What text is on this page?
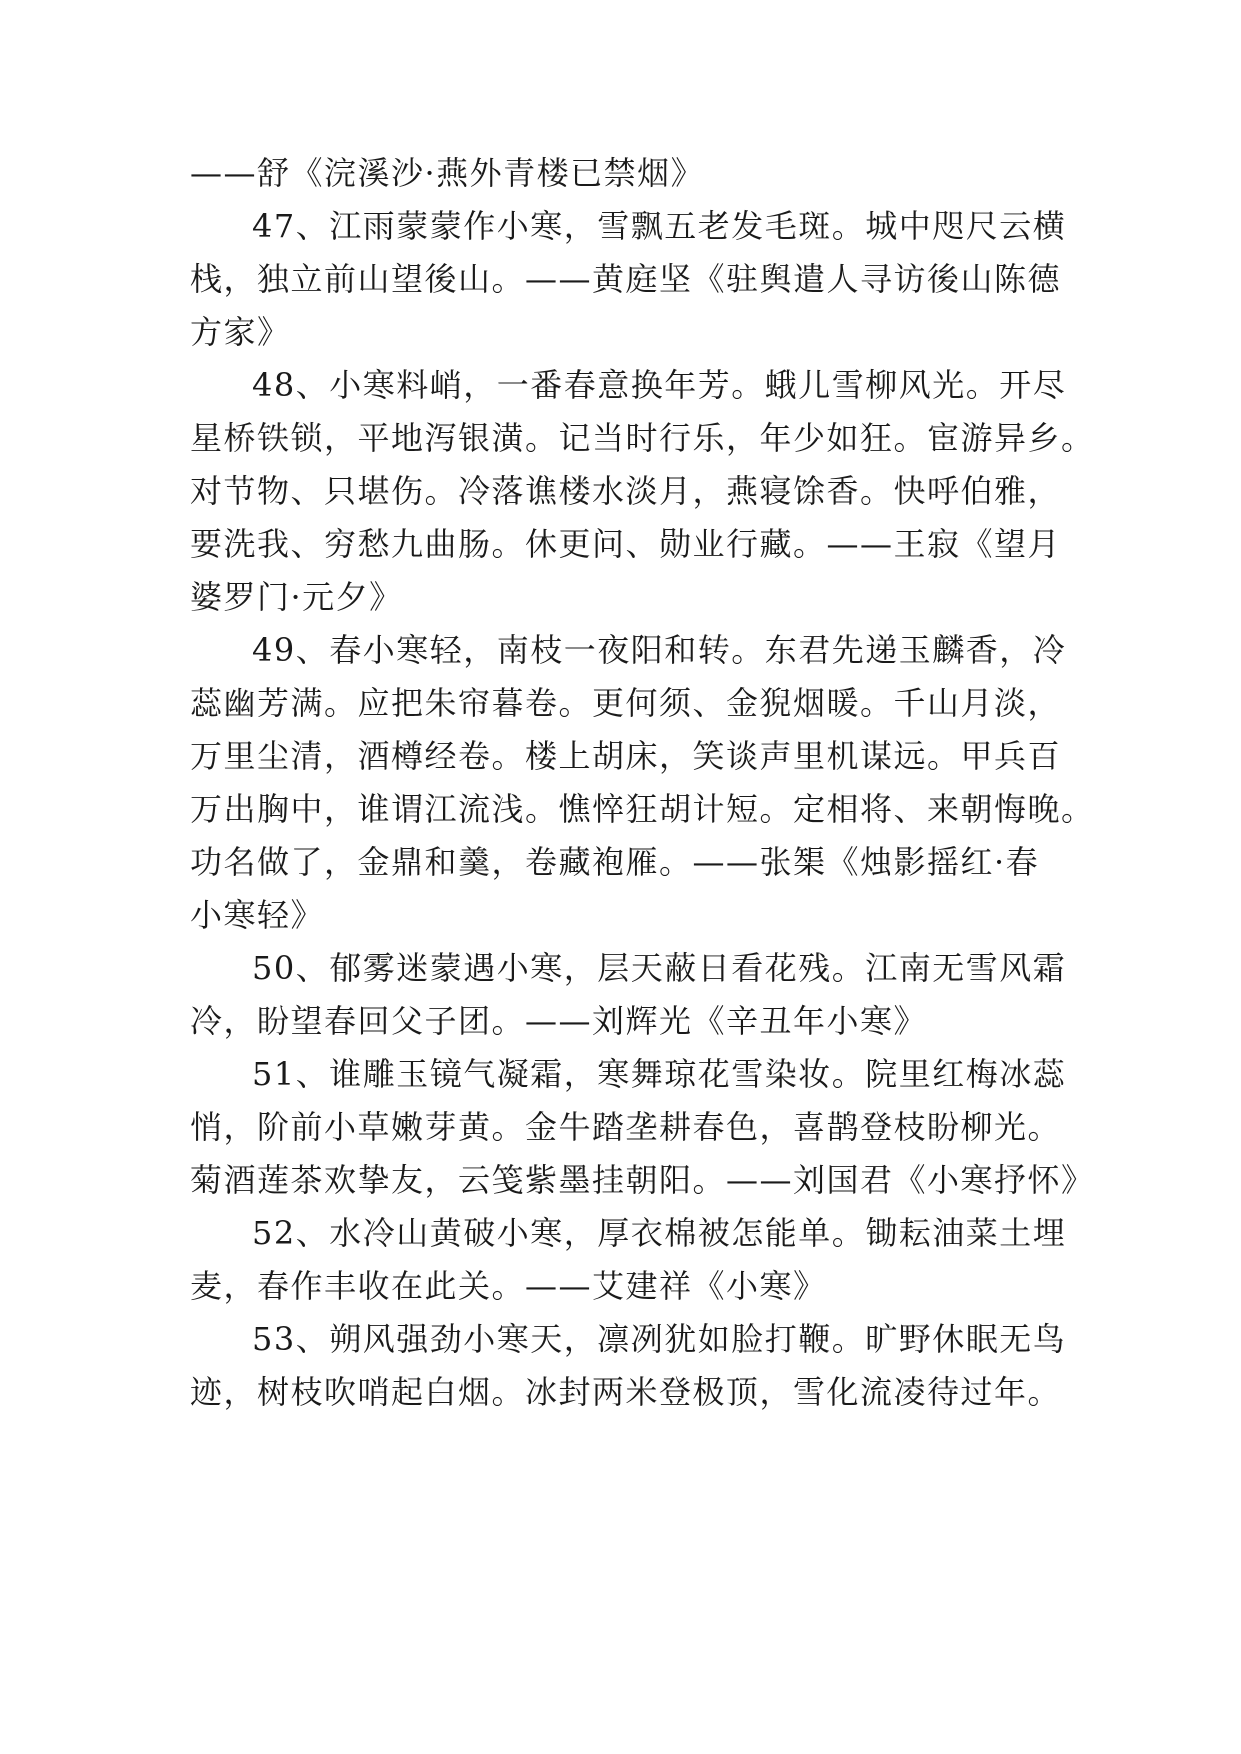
——舒《浣溪沙·燕外青楼已禁烟》
47、江雨蒙蒙作小寒，雪飘五老发毛斑。城中咫尺云横
栈，独立前山望後山。——黄庭坚《驻舆遣人寻访後山陈德
方家》
48、小寒料峭，一番春意换年芳。蛾儿雪柳风光。开尽
星桥铁锁，平地泻银潢。记当时行乐，年少如狂。宦游异乡。
对节物、只堪伤。冷落谯楼水淡月，燕寝馀香。快呼伯雅，
要洗我、穷愁九曲肠。休更问、勋业行藏。——王寂《望月
婆罗门·元夕》
49、春小寒轻，南枝一夜阳和转。东君先递玉麟香，冷
蕊幽芳满。应把朱帘暮卷。更何须、金猊烟暖。千山月淡，
万里尘清，酒樽经卷。楼上胡床，笑谈声里机谋远。甲兵百
万出胸中，谁谓江流浅。憔悴狂胡计短。定相将、来朝悔晚。
功名做了，金鼎和羹，卷藏袍雁。——张榘《烛影摇红·春
小寒轻》
50、郁雾迷蒙遇小寒，层天蔽日看花残。江南无雪风霜
冷，盼望春回父子团。——刘辉光《辛丑年小寒》
51、谁雕玉镜气凝霜，寒舞琼花雪染妆。院里红梅冰蕊
悄，阶前小草嫩芽黄。金牛踏垄耕春色，喜鹊登枝盼柳光。
菊酒莲茶欢挚友，云笺紫墨挂朝阳。——刘国君《小寒抒怀》
52、水冷山黄破小寒，厚衣棉被怎能单。锄耘油菜土埋
麦，春作丰收在此关。——艾建祥《小寒》
53、朔风强劲小寒天，凛冽犹如脸打鞭。旷野休眠无鸟
迹，树枝吹哨起白烟。冰封两米登极顶，雪化流凌待过年。
